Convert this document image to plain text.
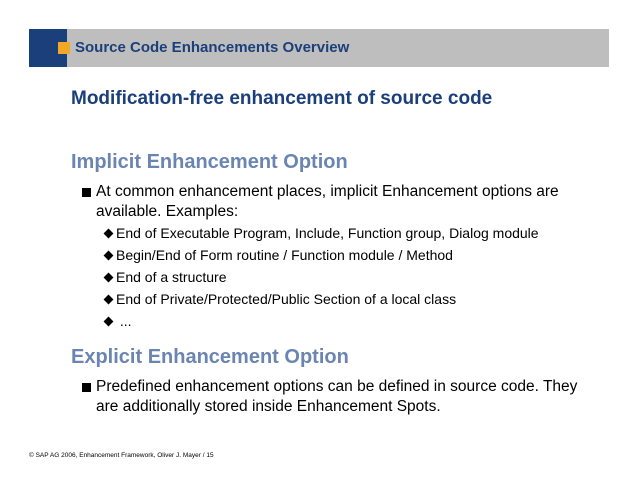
Source Code Enhancements Overview
Modification-free enhancement of source code
Implicit Enhancement Option
At common enhancement places, implicit Enhancement options are available. Examples:
End of Executable Program, Include, Function group, Dialog module
Begin/End of Form routine / Function module / Method
End of a structure
End of Private/Protected/Public Section of a local class
...
Explicit Enhancement Option
Predefined enhancement options can be defined in source code. They are additionally stored inside Enhancement Spots.
© SAP AG 2006, Enhancement Framework, Oliver J. Mayer / 15
